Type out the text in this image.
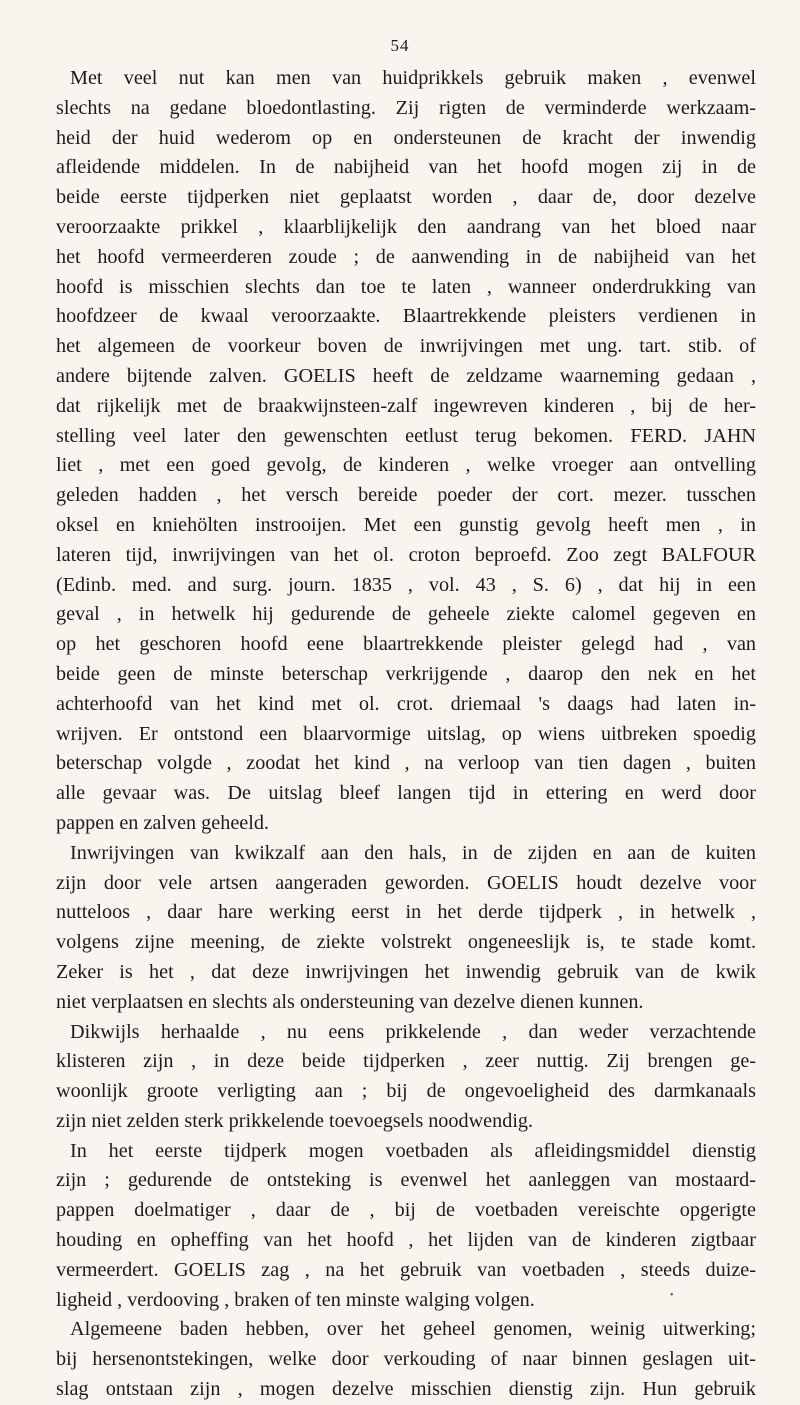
54
Met veel nut kan men van huidprikkels gebruik maken , evenwel
slechts na gedane bloedontlasting. Zij rigten de verminderde werkzaam-
heid der huid wederom op en ondersteunen de kracht der inwendig
afleidende middelen. In de nabijheid van het hoofd mogen zij in de
beide eerste tijdperken niet geplaatst worden , daar de, door dezelve
veroorzaakte prikkel , klaarblijkelijk den aandrang van het bloed naar
het hoofd vermeerderen zoude ; de aanwending in de nabijheid van het
hoofd is misschien slechts dan toe te laten , wanneer onderdrukking van
hoofdzeer de kwaal veroorzaakte. Blaartrekkende pleisters verdienen in
het algemeen de voorkeur boven de inwrijvingen met ung. tart. stib. of
andere bijtende zalven. GOELIS heeft de zeldzame waarneming gedaan ,
dat rijkelijk met de braakwijnsteen-zalf ingewreven kinderen , bij de her-
stelling veel later den gewenschten eetlust terug bekomen. FERD. JAHN
liet , met een goed gevolg, de kinderen , welke vroeger aan ontvelling
geleden hadden , het versch bereide poeder der cort. mezer. tusschen
oksel en kniehölten instrooijen. Met een gunstig gevolg heeft men , in
lateren tijd, inwrijvingen van het ol. croton beproefd. Zoo zegt BALFOUR
(Edinb. med. and surg. journ. 1835 , vol. 43 , S. 6) , dat hij in een
geval , in hetwelk hij gedurende de geheele ziekte calomel gegeven en
op het geschoren hoofd eene blaartrekkende pleister gelegd had , van
beide geen de minste beterschap verkrijgende , daarop den nek en het
achterhoofd van het kind met ol. crot. driemaal 's daags had laten in-
wrijven. Er ontstond een blaarvormige uitslag, op wiens uitbreken spoedig
beterschap volgde , zoodat het kind , na verloop van tien dagen , buiten
alle gevaar was. De uitslag bleef langen tijd in ettering en werd door
pappen en zalven geheeld.
Inwrijvingen van kwikzalf aan den hals, in de zijden en aan de kuiten
zijn door vele artsen aangeraden geworden. GOELIS houdt dezelve voor
nutteloos , daar hare werking eerst in het derde tijdperk , in hetwelk ,
volgens zijne meening, de ziekte volstrekt ongeneeslijk is, te stade komt.
Zeker is het , dat deze inwrijvingen het inwendig gebruik van de kwik
niet verplaatsen en slechts als ondersteuning van dezelve dienen kunnen.
Dikwijls herhaalde , nu eens prikkelende , dan weder verzachtende
klisteren zijn , in deze beide tijdperken , zeer nuttig. Zij brengen ge-
woonlijk groote verligting aan ; bij de ongevoeligheid des darmkanaals
zijn niet zelden sterk prikkelende toevoegsels noodwendig.
In het eerste tijdperk mogen voetbaden als afleidingsmiddel dienstig
zijn ; gedurende de ontsteking is evenwel het aanleggen van mostaard-
pappen doelmatiger , daar de , bij de voetbaden vereischte opgerigte
houding en opheffing van het hoofd , het lijden van de kinderen zigtbaar
vermeerdert. GOELIS zag , na het gebruik van voetbaden , steeds duize-
ligheid , verdooving , braken of ten minste walging volgen.
Algemeene baden hebben, over het geheel genomen, weinig uitwerking;
bij hersenontstekingen, welke door verkouding of naar binnen geslagen uit-
slag ontstaan zijn , mogen dezelve misschien dienstig zijn. Hun gebruik
•
